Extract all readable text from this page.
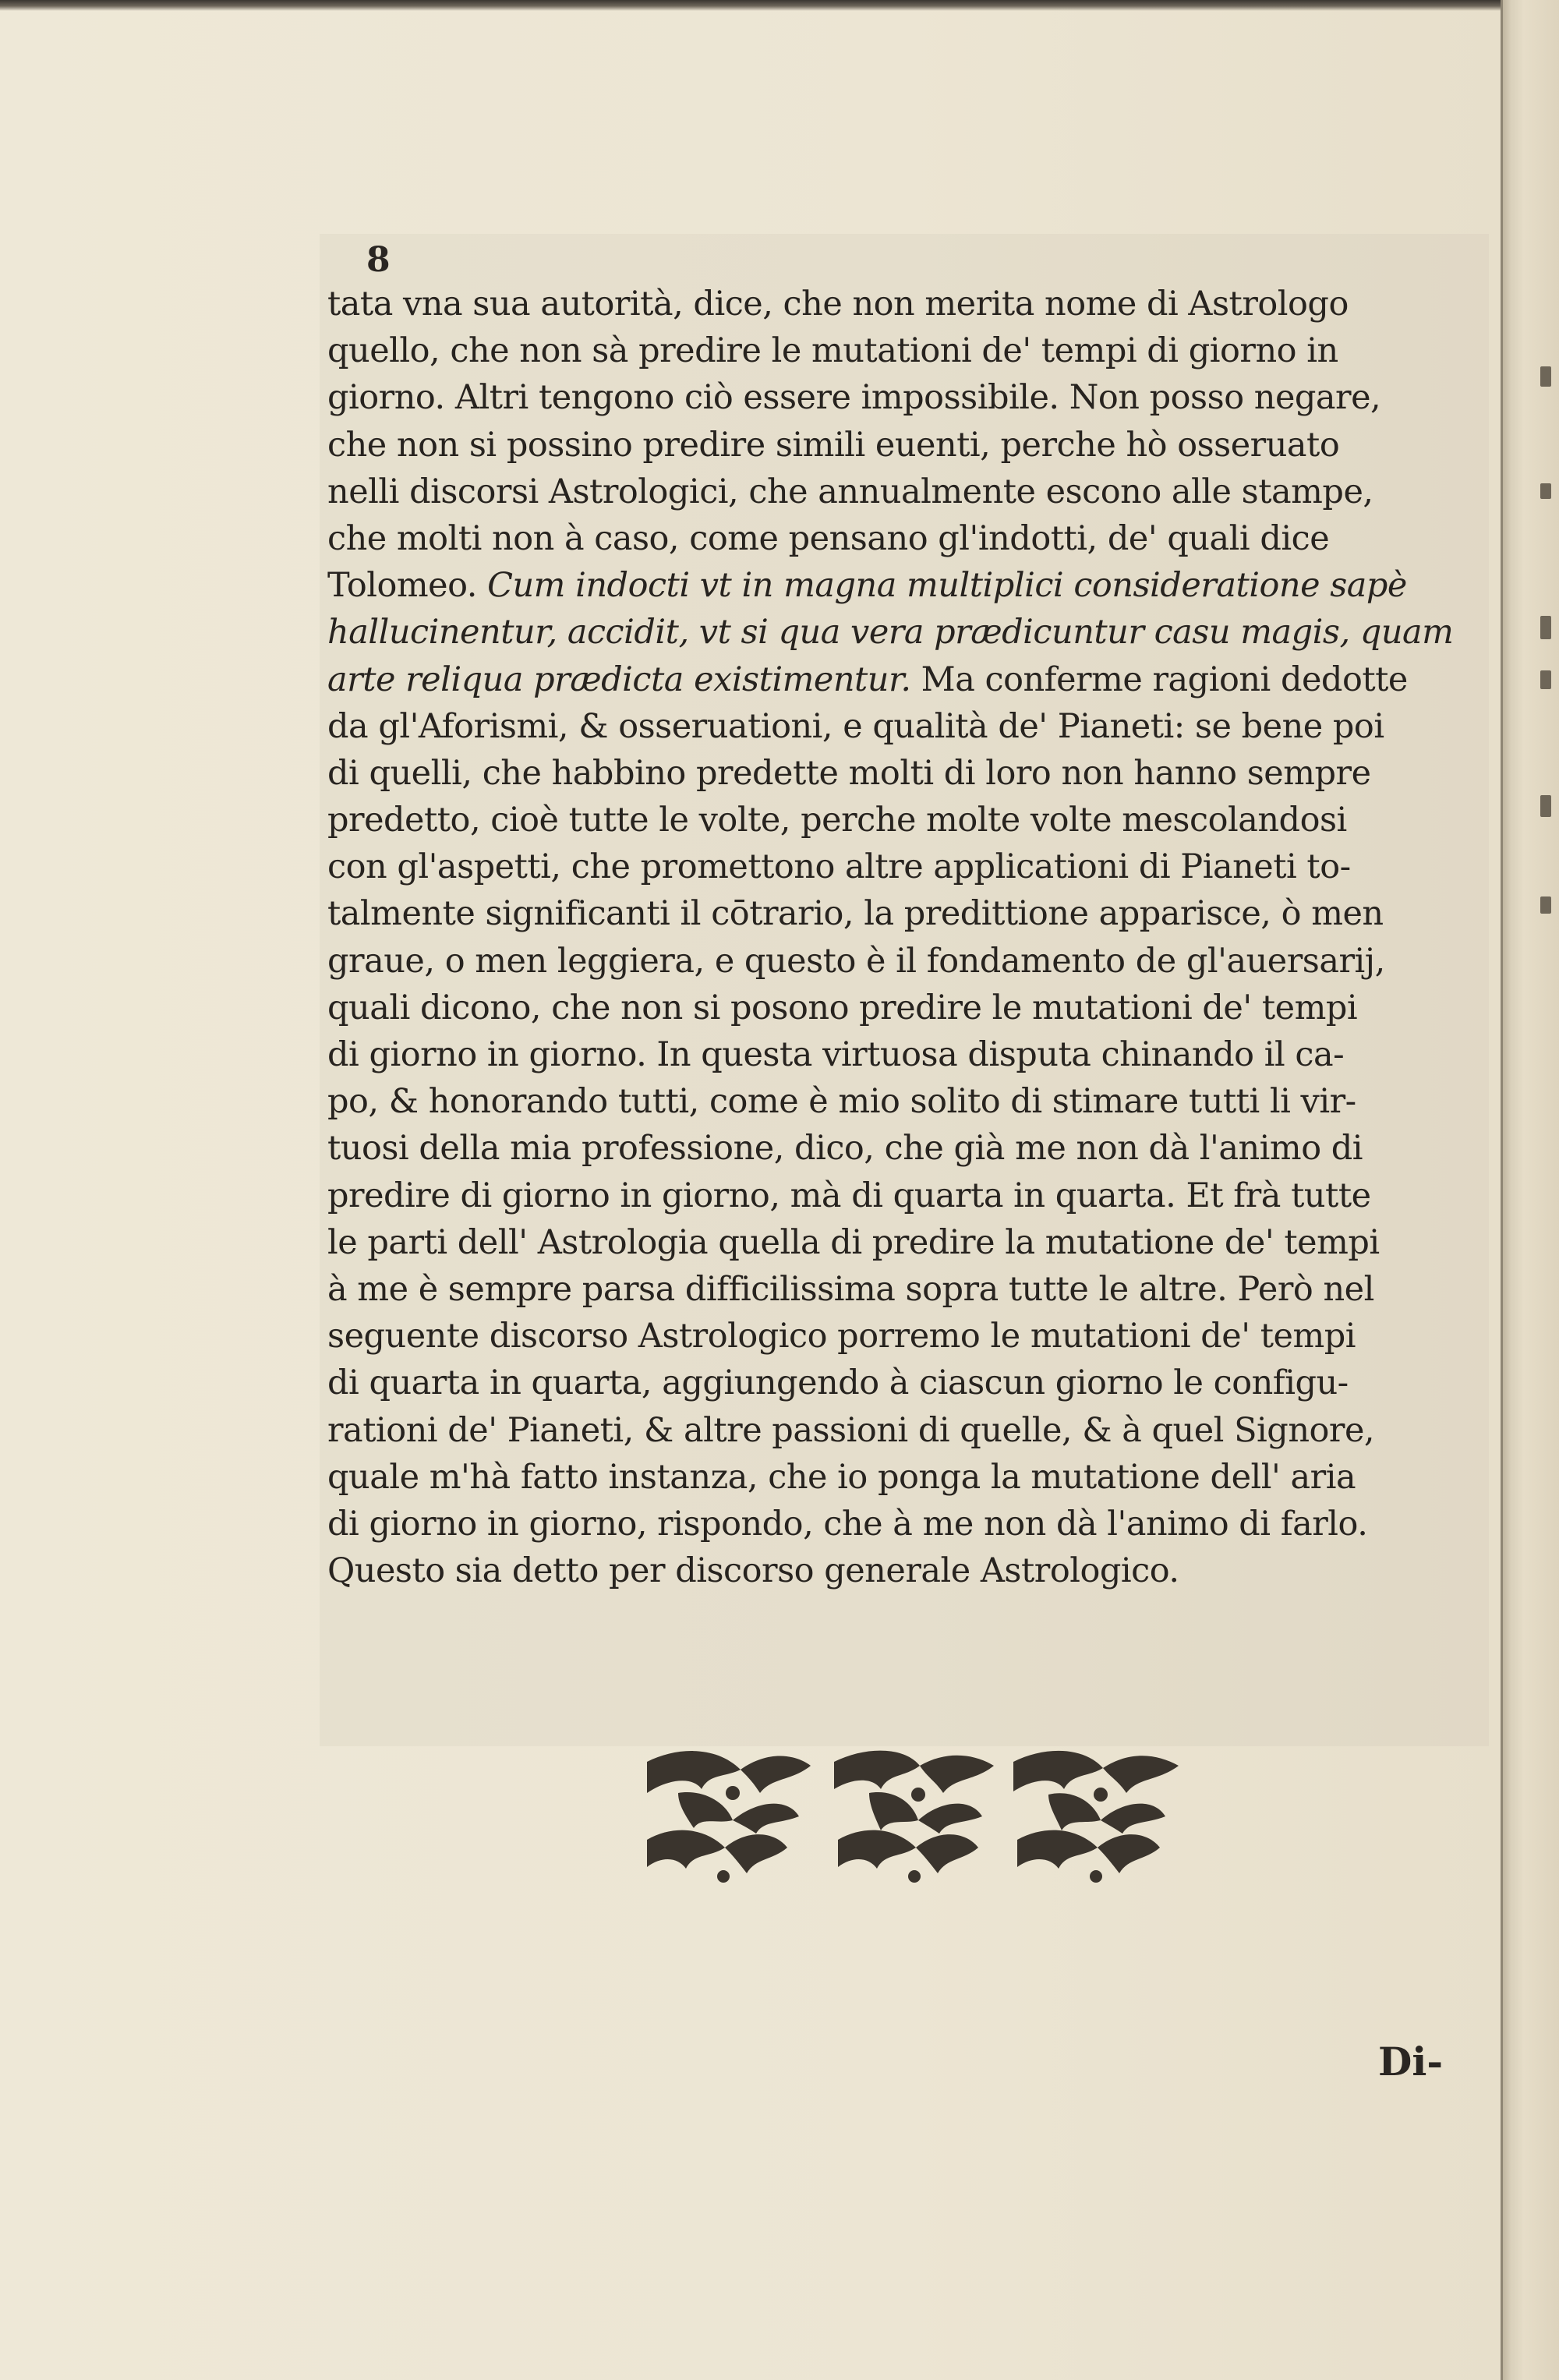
8
tata vna sua autorità, dice, che non merita nome di Astrologo
quello, che non sà predire le mutationi de' tempi di giorno in
giorno. Altri tengono ciò essere impossibile. Non posso negare,
che non si possino predire simili euenti, perche hò osseruato
nelli discorsi Astrologici, che annualmente escono alle stampe,
che molti non à caso, come pensano gl'indotti, de' quali dice
Tolomeo. Cum indocti vt in magna multiplici consideratione sapè
hallucinentur, accidit, vt si qua vera prædicuntur casu magis, quam
arte reliqua prædicta existimentur. Ma conferme ragioni dedotte
da gl'Aforismi, & osseruationi, e qualità de' Pianeti: se bene poi
di quelli, che habbino predette molti di loro non hanno sempre
predetto, cioè tutte le volte, perche molte volte mescolandosi
con gl'aspetti, che promettono altre applicationi di Pianeti to-
talmente significanti il cōtrario, la predittione apparisce, ò men
graue, o men leggiera, e questo è il fondamento de gl'auersarij,
quali dicono, che non si posono predire le mutationi de' tempi
di giorno in giorno. In questa virtuosa disputa chinando il ca-
po, & honorando tutti, come è mio solito di stimare tutti li vir-
tuosi della mia professione, dico, che già me non dà l'animo di
predire di giorno in giorno, mà di quarta in quarta. Et frà tutte
le parti dell' Astrologia quella di predire la mutatione de' tempi
à me è sempre parsa difficilissima sopra tutte le altre. Però nel
seguente discorso Astrologico porremo le mutationi de' tempi
di quarta in quarta, aggiungendo à ciascun giorno le configu-
rationi de' Pianeti, & altre passioni di quelle, & à quel Signore,
quale m'hà fatto instanza, che io ponga la mutatione dell' aria
di giorno in giorno, rispondo, che à me non dà l'animo di farlo.
Questo sia detto per discorso generale Astrologico.
Di-
